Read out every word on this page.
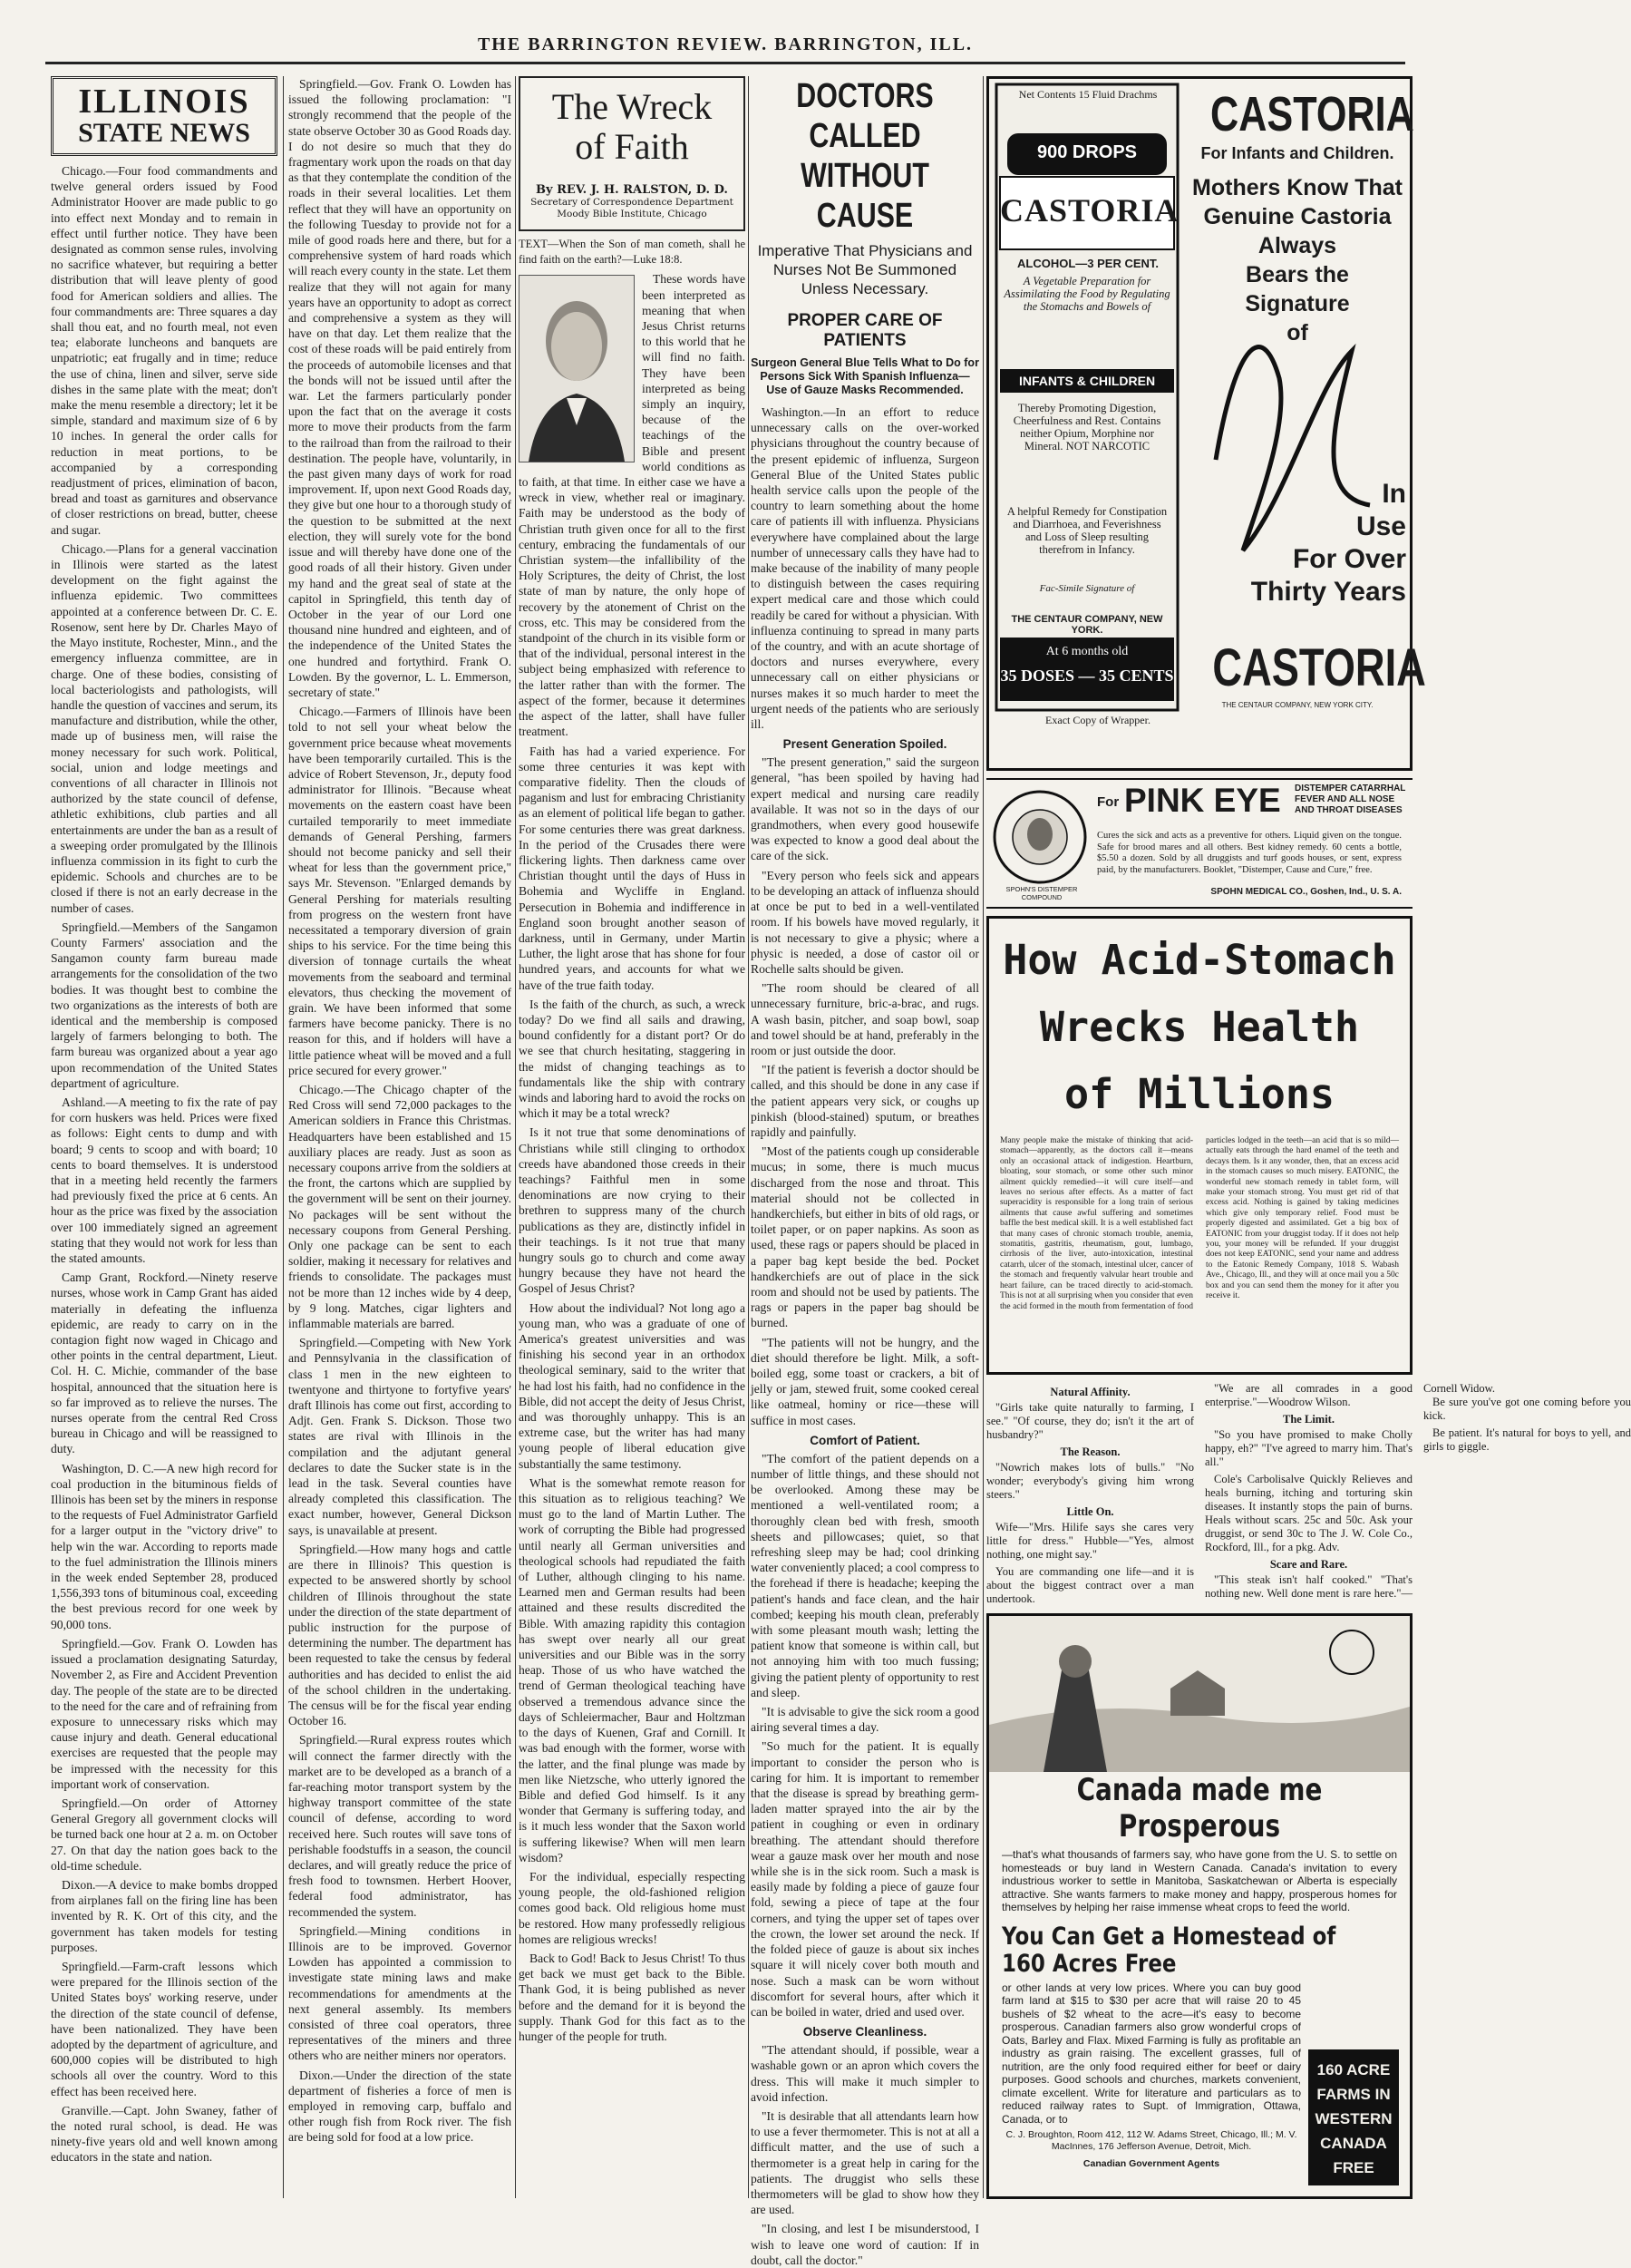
THE BARRINGTON REVIEW. BARRINGTON, ILL.
ILLINOIS
STATE NEWS

Chicago.—Four food commandments and twelve general orders issued by Food Administrator Hoover are made public to go into effect next Monday and to remain in effect until further notice. They have been designated as common sense rules, involving no sacrifice whatever, but requiring a better distribution that will leave plenty of good food for American soldiers and allies. The four commandments are: Three squares a day shall thou eat, and no fourth meal, not even tea; elaborate luncheons and banquets are unpatriotic; eat frugally and in time; reduce the use of china, linen and silver, serve side dishes in the same plate with the meat; don't make the menu resemble a directory; let it be simple, standard and maximum size of 6 by 10 inches. In general the order calls for reduction in meat portions, to be accompanied by a corresponding readjustment of prices, elimination of bacon, bread and toast as garnitures and observance of closer restrictions on bread, butter, cheese and sugar.

Chicago.—Plans for a general vaccination in Illinois were started as the latest development on the fight against the influenza epidemic. Two committees appointed at a conference between Dr. C. E. Rosenow, sent here by Dr. Charles Mayo of the Mayo institute, Rochester, Minn., and the emergency influenza committee, are in charge. One of these bodies, consisting of local bacteriologists and pathologists, will handle the question of vaccines and serum, its manufacture and distribution, while the other, made up of business men, will raise the money necessary for such work. Political, social, union and lodge meetings and conventions of all character in Illinois not authorized by the state council of defense, athletic exhibitions, club parties and all entertainments are under the ban as a result of a sweeping order promulgated by the Illinois influenza commission in its fight to curb the epidemic. Schools and churches are to be closed if there is not an early decrease in the number of cases.

Springfield.—Members of the Sangamon County Farmers' association and the Sangamon county farm bureau made arrangements for the consolidation of the two bodies. It was thought best to combine the two organizations as the interests of both are identical and the membership is composed largely of farmers belonging to both. The farm bureau was organized about a year ago upon recommendation of the United States department of agriculture.

Ashland.—A meeting to fix the rate of pay for corn huskers was held. Prices were fixed as follows: Eight cents to dump and with board; 9 cents to scoop and with board; 10 cents to board themselves. It is understood that in a meeting held recently the farmers had previously fixed the price at 6 cents. An hour as the price was fixed by the association over 100 immediately signed an agreement stating that they would not work for less than the stated amounts.

Camp Grant, Rockford.—Ninety reserve nurses, whose work in Camp Grant has aided materially in defeating the influenza epidemic, are ready to carry on in the contagion fight now waged in Chicago and other points in the central department, Lieut. Col. H. C. Michie, commander of the base hospital, announced that the situation here is so far improved as to relieve the nurses. The nurses operate from the central Red Cross bureau in Chicago and will be reassigned to duty.

Washington, D. C.—A new high record for coal production in the bituminous fields of Illinois has been set by the miners in response to the requests of Fuel Administrator Garfield for a larger output in the "victory drive" to help win the war. According to reports made to the fuel administration the Illinois miners in the week ended September 28, produced 1,556,393 tons of bituminous coal, exceeding the best previous record for one week by 90,000 tons.

Springfield.—Gov. Frank O. Lowden has issued a proclamation designating Saturday, November 2, as Fire and Accident Prevention day. The people of the state are to be directed to the need for the care and of refraining from exposure to unnecessary risks which may cause injury and death. General educational exercises are requested that the people may be impressed with the necessity for this important work of conservation.

Springfield.—On order of Attorney General Gregory all government clocks will be turned back one hour at 2 a. m. on October 27. On that day the nation goes back to the old-time schedule.

Dixon.—A device to make bombs dropped from airplanes fall on the firing line has been invented by R. K. Ort of this city, and the government has taken models for testing purposes.

Springfield.—Farm-craft lessons which were prepared for the Illinois section of the United States boys' working reserve, under the direction of the state council of defense, have been nationalized. They have been adopted by the department of agriculture, and 600,000 copies will be distributed to high schools all over the country. Word to this effect has been received here.

Granville.—Capt. John Swaney, father of the noted rural school, is dead. He was ninety-five years old and well known among educators in the state and nation.

Springfield.—Gov. Frank O. Lowden has issued the following proclamation: "I strongly recommend that the people of the state observe October 30 as Good Roads day. I do not desire so much that they do fragmentary work upon the roads on that day as that they contemplate the condition of the roads in their several localities. Let them reflect that they will have an opportunity on the following Tuesday to provide not for a mile of good roads here and there, but for a comprehensive system of hard roads which will reach every county in the state. Let them realize that they will not again for many years have an opportunity to adopt as correct and comprehensive a system as they will have on that day. Let them realize that the cost of these roads will be paid entirely from the proceeds of automobile licenses and that the bonds will not be issued until after the war. Let the farmers particularly ponder upon the fact that on the average it costs more to move their products from the farm to the railroad than from the railroad to their destination. The people have, voluntarily, in the past given many days of work for road improvement. If, upon next Good Roads day, they give but one hour to a thorough study of the question to be submitted at the next election, they will surely vote for the bond issue and will thereby have done one of the good roads of all their history. Given under my hand and the great seal of state at the capitol in Springfield, this tenth day of October in the year of our Lord one thousand nine hundred and eighteen, and of the independence of the United States the one hundred and fortythird. Frank O. Lowden. By the governor, L. L. Emmerson, secretary of state."

Chicago.—Farmers of Illinois have been told to not sell your wheat below the government price because wheat movements have been temporarily curtailed. This is the advice of Robert Stevenson, Jr., deputy food administrator for Illinois. "Because wheat movements on the eastern coast have been curtailed temporarily to meet immediate demands of General Pershing, farmers should not become panicky and sell their wheat for less than the government price," says Mr. Stevenson. "Enlarged demands by General Pershing for materials resulting from progress on the western front have necessitated a temporary diversion of grain ships to his service. For the time being this diversion of tonnage curtails the wheat movements from the seaboard and terminal elevators, thus checking the movement of grain. We have been informed that some farmers have become panicky. There is no reason for this, and if holders will have a little patience wheat will be moved and a full price secured for every grower."

Chicago.—The Chicago chapter of the Red Cross will send 72,000 packages to the American soldiers in France this Christmas. Headquarters have been established and 15 auxiliary places are ready. Just as soon as necessary coupons arrive from the soldiers at the front, the cartons which are supplied by the government will be sent on their journey. No packages will be sent without the necessary coupons from General Pershing. Only one package can be sent to each soldier, making it necessary for relatives and friends to consolidate. The packages must not be more than 12 inches wide by 4 deep, by 9 long. Matches, cigar lighters and inflammable materials are barred.

Springfield.—Competing with New York and Pennsylvania in the classification of class 1 men in the new eighteen to twentyone and thirtyone to fortyfive years' draft Illinois has come out first, according to Adjt. Gen. Frank S. Dickson. Those two states are rival with Illinois in the compilation and the adjutant general declares to date the Sucker state is in the lead in the task. Several counties have already completed this classification. The exact number, however, General Dickson says, is unavailable at present.

Springfield.—How many hogs and cattle are there in Illinois? This question is expected to be answered shortly by school children of Illinois throughout the state under the direction of the state department of public instruction for the purpose of determining the number. The department has been requested to take the census by federal authorities and has decided to enlist the aid of the school children in the undertaking. The census will be for the fiscal year ending October 16.

Springfield.—Rural express routes which will connect the farmer directly with the market are to be developed as a branch of a far-reaching motor transport system by the highway transport committee of the state council of defense, according to word received here. Such routes will save tons of perishable foodstuffs in a season, the council declares, and will greatly reduce the price of fresh food to townsmen. Herbert Hoover, federal food administrator, has recommended the system.

Springfield.—Mining conditions in Illinois are to be improved. Governor Lowden has appointed a commission to investigate state mining laws and make recommendations for amendments at the next general assembly. Its members consisted of three coal operators, three representatives of the miners and three others who are neither miners nor operators.

Dixon.—Under the direction of the state department of fisheries a force of men is employed in removing carp, buffalo and other rough fish from Rock river. The fish are being sold for food at a low price.

The Wreck
of Faith
By REV. J. H. RALSTON, D. D.
Secretary of Correspondence Department
Moody Bible Institute, Chicago

TEXT—When the Son of man cometh, shall he find faith on the earth?—Luke 18:8.

These words have been interpreted as meaning that when Jesus Christ returns to this world that he will find no faith. They have been interpreted as being simply an inquiry, because of the teachings of the Bible and present world conditions as to faith, at that time. In either case we have a wreck in view, whether real or imaginary. Faith may be understood as the body of Christian truth given once for all to the first century, embracing the fundamentals of our Christian system—the infallibility of the Holy Scriptures, the deity of Christ, the lost state of man by nature, the only hope of recovery by the atonement of Christ on the cross, etc. This may be considered from the standpoint of the church in its visible form or that of the individual, personal interest in the subject being emphasized with reference to the latter rather than with the former. The aspect of the former, because it determines the aspect of the latter, shall have fuller treatment.

Faith has had a varied experience. For some three centuries it was kept with comparative fidelity. Then the clouds of paganism and lust for embracing Christianity as an element of political life began to gather. For some centuries there was great darkness. In the period of the Crusades there were flickering lights. Then darkness came over Christian thought until the days of Huss in Bohemia and Wycliffe in England. Persecution in Bohemia and indifference in England soon brought another season of darkness, until in Germany, under Martin Luther, the light arose that has shone for four hundred years, and accounts for what we have of the true faith today.

Is the faith of the church, as such, a wreck today? Do we find all sails and drawing, bound confidently for a distant port? Or do we see that church hesitating, staggering in the midst of changing teachings as to fundamentals like the ship with contrary winds and laboring hard to avoid the rocks on which it may be a total wreck?

Is it not true that some denominations of Christians while still clinging to orthodox creeds have abandoned those creeds in their teachings? Faithful men in some denominations are now crying to their brethren to suppress many of the church publications as they are, distinctly infidel in their teachings. Is it not true that many hungry souls go to church and come away hungry because they have not heard the Gospel of Jesus Christ?

How about the individual? Not long ago a young man, who was a graduate of one of America's greatest universities and was finishing his second year in an orthodox theological seminary, said to the writer that he had lost his faith, had no confidence in the Bible, did not accept the deity of Jesus Christ, and was thoroughly unhappy. This is an extreme case, but the writer has had many young people of liberal education give substantially the same testimony.

What is the somewhat remote reason for this situation as to religious teaching? We must go to the land of Martin Luther. The work of corrupting the Bible had progressed until nearly all German universities and theological schools had repudiated the faith of Luther, although clinging to his name. Learned men and German results had been attained and these results discredited the Bible. With amazing rapidity this contagion has swept over nearly all our great universities and our Bible was in the sorry heap. Those of us who have watched the trend of German theological teaching have observed a tremendous advance since the days of Schleiermacher, Baur and Holtzman to the days of Kuenen, Graf and Cornill. It was bad enough with the former, worse with the latter, and the final plunge was made by men like Nietzsche, who utterly ignored the Bible and defied God himself. Is it any wonder that Germany is suffering today, and is it much less wonder that the Saxon world is suffering likewise? When will men learn wisdom?

For the individual, especially respecting young people, the old-fashioned religion comes good back. Old religious home must be restored. How many professedly religious homes are religious wrecks!

Back to God! Back to Jesus Christ! To thus get back we must get back to the Bible. Thank God, it is being published as never before and the demand for it is beyond the supply. Thank God for this fact as to the hunger of the people for truth.

DOCTORS CALLED
WITHOUT CAUSE
Imperative That Physicians and Nurses Not Be Summoned Unless Necessary.
PROPER CARE OF PATIENTS
Surgeon General Blue Tells What to Do for Persons Sick With Spanish Influenza—Use of Gauze Masks Recommended.

Washington.—In an effort to reduce unnecessary calls on the over-worked physicians throughout the country because of the present epidemic of influenza, Surgeon General Blue of the United States public health service calls upon the people of the country to learn something about the home care of patients ill with influenza. Physicians everywhere have complained about the large number of unnecessary calls they have had to make because of the inability of many people to distinguish between the cases requiring expert medical care and those which could readily be cared for without a physician. With influenza continuing to spread in many parts of the country, and with an acute shortage of doctors and nurses everywhere, every unnecessary call on either physicians or nurses makes it so much harder to meet the urgent needs of the patients who are seriously ill.

Present Generation Spoiled.

"The present generation," said the surgeon general, "has been spoiled by having had expert medical and nursing care readily available. It was not so in the days of our grandmothers, when every good housewife was expected to know a good deal about the care of the sick.

"Every person who feels sick and appears to be developing an attack of influenza should at once be put to bed in a well-ventilated room. If his bowels have moved regularly, it is not necessary to give a physic; where a physic is needed, a dose of castor oil or Rochelle salts should be given.

"The room should be cleared of all unnecessary furniture, bric-a-brac, and rugs. A wash basin, pitcher, and soap bowl, soap and towel should be at hand, preferably in the room or just outside the door.

"If the patient is feverish a doctor should be called, and this should be done in any case if the patient appears very sick, or coughs up pinkish (blood-stained) sputum, or breathes rapidly and painfully.

"Most of the patients cough up considerable mucus; in some, there is much mucus discharged from the nose and throat. This material should not be collected in handkerchiefs, but either in bits of old rags, or toilet paper, or on paper napkins. As soon as used, these rags or papers should be placed in a paper bag kept beside the bed. Pocket handkerchiefs are out of place in the sick room and should not be used by patients. The rags or papers in the paper bag should be burned.

"The patients will not be hungry, and the diet should therefore be light. Milk, a soft-boiled egg, some toast or crackers, a bit of jelly or jam, stewed fruit, some cooked cereal like oatmeal, hominy or rice—these will suffice in most cases.

Comfort of Patient.

"The comfort of the patient depends on a number of little things, and these should not be overlooked. Among these may be mentioned a well-ventilated room; a thoroughly clean bed with fresh, smooth sheets and pillowcases; quiet, so that refreshing sleep may be had; cool drinking water conveniently placed; a cool compress to the forehead if there is headache; keeping the patient's hands and face clean, and the hair combed; keeping his mouth clean, preferably with some pleasant mouth wash; letting the patient know that someone is within call, but not annoying him with too much fussing; giving the patient plenty of opportunity to rest and sleep.

"It is advisable to give the sick room a good airing several times a day.

"So much for the patient. It is equally important to consider the person who is caring for him. It is important to remember that the disease is spread by breathing germ-laden matter sprayed into the air by the patient in coughing or even in ordinary breathing. The attendant should therefore wear a gauze mask over her mouth and nose while she is in the sick room. Such a mask is easily made by folding a piece of gauze four fold, sewing a piece of tape at the four corners, and tying the upper set of tapes over the crown, the lower set around the neck. If the folded piece of gauze is about six inches square it will nicely cover both mouth and nose. Such a mask can be worn without discomfort for several hours, after which it can be boiled in water, dried and used over.

Observe Cleanliness.

"The attendant should, if possible, wear a washable gown or an apron which covers the dress. This will make it much simpler to avoid infection.

"It is desirable that all attendants learn how to use a fever thermometer. This is not at all a difficult matter, and the use of such a thermometer is a great help in caring for the patients. The druggist who sells these thermometers will be glad to show how they are used.

"In closing, and lest I be misunderstood, I wish to leave one word of caution: If in doubt, call the doctor."

Net Contents 15 Fluid Drachms
900 DROPS
CASTORIA
ALCOHOL—3 PER CENT.
A Vegetable Preparation for Assimilating the Food by Regulating the Stomachs and Bowels of
INFANTS & CHILDREN
Thereby Promoting Digestion, Cheerfulness and Rest. Contains neither Opium, Morphine nor Mineral. NOT NARCOTIC
A helpful Remedy for Constipation and Diarrhoea, and Feverishness and Loss of Sleep resulting therefrom in Infancy.
Fac-Simile Signature of
THE CENTAUR COMPANY, NEW YORK.
At 6 months old
35 DOSES — 35 CENTS
Exact Copy of Wrapper.
CASTORIA
For Infants and Children.
Mothers Know That
Genuine Castoria
Always
Bears the
Signature
of
In
Use
For Over
Thirty Years
CASTORIA
THE CENTAUR COMPANY, NEW YORK CITY.
SPOHN'S DISTEMPER COMPOUND
For PINK EYE DISTEMPER CATARRHAL FEVER AND ALL NOSE AND THROAT DISEASES
Cures the sick and acts as a preventive for others. Liquid given on the tongue. Safe for brood mares and all others. Best kidney remedy. 60 cents a bottle, $5.50 a dozen. Sold by all druggists and turf goods houses, or sent, express paid, by the manufacturers. Booklet, "Distemper, Cause and Cure," free.
SPOHN MEDICAL CO., Goshen, Ind., U. S. A.
How Acid-Stomach
Wrecks Health
of Millions
Many people make the mistake of thinking that acid-stomach—apparently, as the doctors call it—means only an occasional attack of indigestion. Heartburn, bloating, sour stomach, or some other such minor ailment quickly remedied—it will cure itself—and leaves no serious after effects. As a matter of fact superacidity is responsible for a long train of serious ailments that cause awful suffering and sometimes baffle the best medical skill. It is a well established fact that many cases of chronic stomach trouble, anemia, stomatitis, gastritis, rheumatism, gout, lumbago, cirrhosis of the liver, auto-intoxication, intestinal catarrh, ulcer of the stomach, intestinal ulcer, cancer of the stomach and frequently valvular heart trouble and heart failure, can be traced directly to acid-stomach. This is not at all surprising when you consider that even the acid formed in the mouth from fermentation of food particles lodged in the teeth—an acid that is so mild—actually eats through the hard enamel of the teeth and decays them. Is it any wonder, then, that an excess acid in the stomach causes so much misery. EATONIC, the wonderful new stomach remedy in tablet form, will make your stomach strong. You must get rid of that excess acid. Nothing is gained by taking medicines which give only temporary relief. Food must be properly digested and assimilated. Get a big box of EATONIC from your druggist today. If it does not help you, your money will be refunded. If your druggist does not keep EATONIC, send your name and address to the Eatonic Remedy Company, 1018 S. Wabash Ave., Chicago, Ill., and they will at once mail you a 50c box and you can send them the money for it after you receive it.
Natural Affinity.
"Girls take quite naturally to farming, I see." "Of course, they do; isn't it the art of husbandry?"
The Reason.
"Nowrich makes lots of bulls." "No wonder; everybody's giving him wrong steers."
Little On.
Wife—"Mrs. Hilife says she cares very little for dress." Hubble—"Yes, almost nothing, one might say."
You are commanding one life—and it is about the biggest contract over a man undertook.
"We are all comrades in a good enterprise."—Woodrow Wilson.
The Limit.
"So you have promised to make Cholly happy, eh?" "I've agreed to marry him. That's all."
Cole's Carbolisalve Quickly Relieves and heals burning, itching and torturing skin diseases. It instantly stops the pain of burns. Heals without scars. 25c and 50c. Ask your druggist, or send 30c to The J. W. Cole Co., Rockford, Ill., for a pkg. Adv.
Scare and Rare.
"This steak isn't half cooked." "That's nothing new. Well done ment is rare here."—Cornell Widow.
Be sure you've got one coming before you kick.
Be patient. It's natural for boys to yell, and girls to giggle.
Canada made me Prosperous
—that's what thousands of farmers say, who have gone from the U. S. to settle on homesteads or buy land in Western Canada. Canada's invitation to every industrious worker to settle in Manitoba, Saskatchewan or Alberta is especially attractive. She wants farmers to make money and happy, prosperous homes for themselves by helping her raise immense wheat crops to feed the world.
You Can Get a Homestead of 160 Acres Free
or other lands at very low prices. Where you can buy good farm land at $15 to $30 per acre that will raise 20 to 45 bushels of $2 wheat to the acre—it's easy to become prosperous. Canadian farmers also grow wonderful crops of Oats, Barley and Flax. Mixed Farming is fully as profitable an industry as grain raising. The excellent grasses, full of nutrition, are the only food required either for beef or dairy purposes. Good schools and churches, markets convenient, climate excellent. Write for literature and particulars as to reduced railway rates to Supt. of Immigration, Ottawa, Canada, or to
C. J. Broughton, Room 412, 112 W. Adams Street, Chicago, Ill.; M. V. MacInnes, 176 Jefferson Avenue, Detroit, Mich.
Canadian Government Agents
160 ACRE
FARMS IN
WESTERN
CANADA
FREE
